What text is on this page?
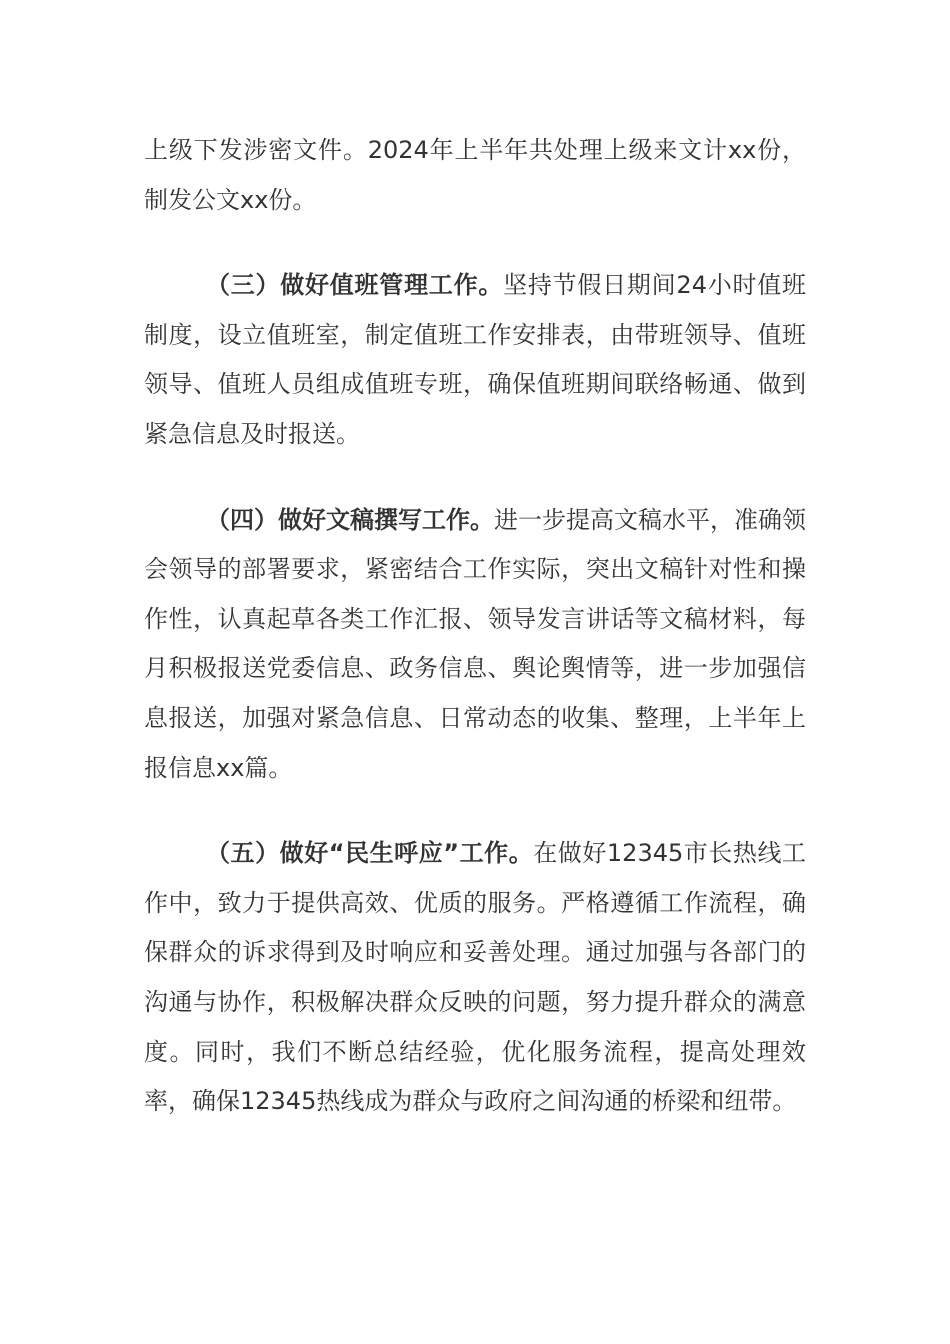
上级下发涉密文件。2024年上半年共处理上级来文计xx份，制发公文xx份。

（三）做好值班管理工作。坚持节假日期间24小时值班制度，设立值班室，制定值班工作安排表，由带班领导、值班领导、值班人员组成值班专班，确保值班期间联络畅通、做到紧急信息及时报送。

（四）做好文稿撰写工作。进一步提高文稿水平，准确领会领导的部署要求，紧密结合工作实际，突出文稿针对性和操作性，认真起草各类工作汇报、领导发言讲话等文稿材料，每月积极报送党委信息、政务信息、舆论舆情等，进一步加强信息报送，加强对紧急信息、日常动态的收集、整理，上半年上报信息xx篇。

（五）做好“民生呼应”工作。在做好12345市长热线工作中，致力于提供高效、优质的服务。严格遵循工作流程，确保群众的诉求得到及时响应和妥善处理。通过加强与各部门的沟通与协作，积极解决群众反映的问题，努力提升群众的满意度。同时，我们不断总结经验，优化服务流程，提高处理效率，确保12345热线成为群众与政府之间沟通的桥梁和纽带。
